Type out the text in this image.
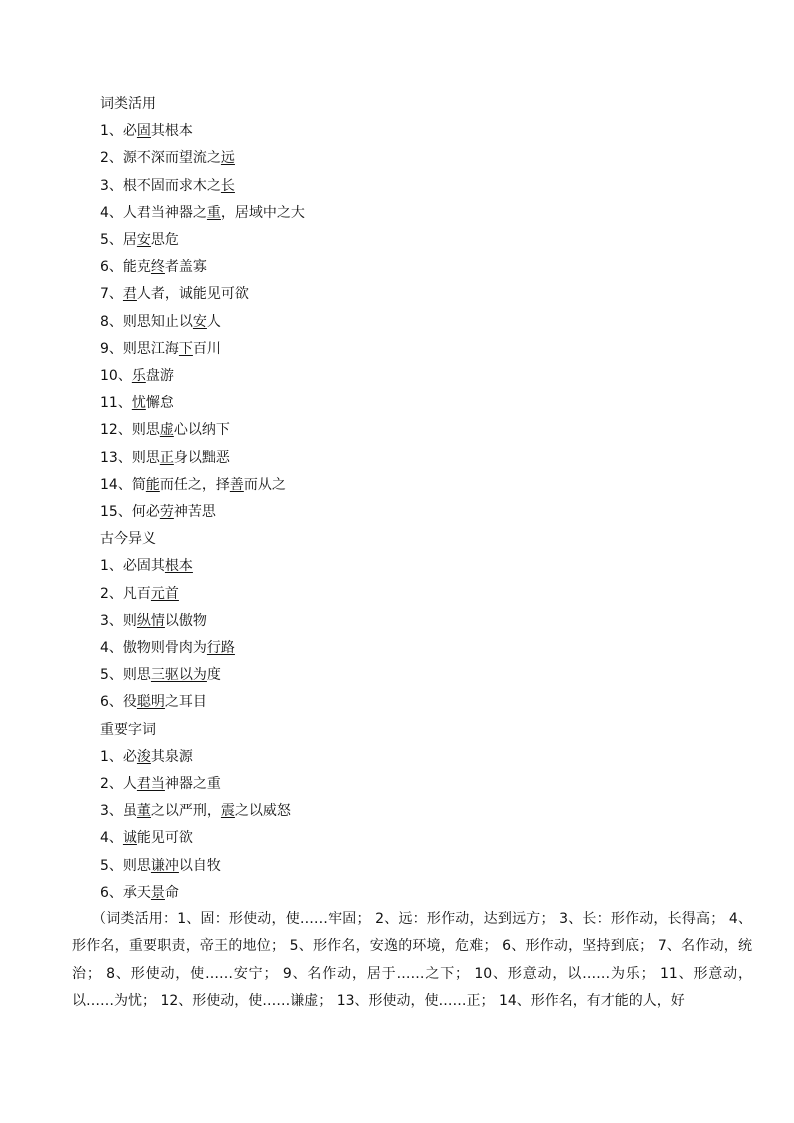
词类活用
1、必固其根本
2、源不深而望流之远
3、根不固而求木之长
4、人君当神器之重，居域中之大
5、居安思危
6、能克终者盖寡
7、君人者，诚能见可欲
8、则思知止以安人
9、则思江海下百川
10、乐盘游
11、忧懈怠
12、则思虚心以纳下
13、则思正身以黜恶
14、简能而任之，择善而从之
15、何必劳神苦思
古今异义
1、必固其根本
2、凡百元首
3、则纵情以傲物
4、傲物则骨肉为行路
5、则思三驱以为度
6、役聪明之耳目
重要字词
1、必浚其泉源
2、人君当神器之重
3、虽董之以严刑，震之以威怒
4、诚能见可欲
5、则思谦冲以自牧
6、承天景命
（词类活用：1、固：形使动，使……牢固； 2、远：形作动，达到远方； 3、长：形作动，长得高； 4、形作名，重要职责，帝王的地位； 5、形作名，安逸的环境，危难； 6、形作动，坚持到底； 7、名作动，统治； 8、形使动，使……安宁； 9、名作动，居于……之下； 10、形意动，以……为乐； 11、形意动，以……为忧； 12、形使动，使……谦虚； 13、形使动，使……正； 14、形作名，有才能的人，好
